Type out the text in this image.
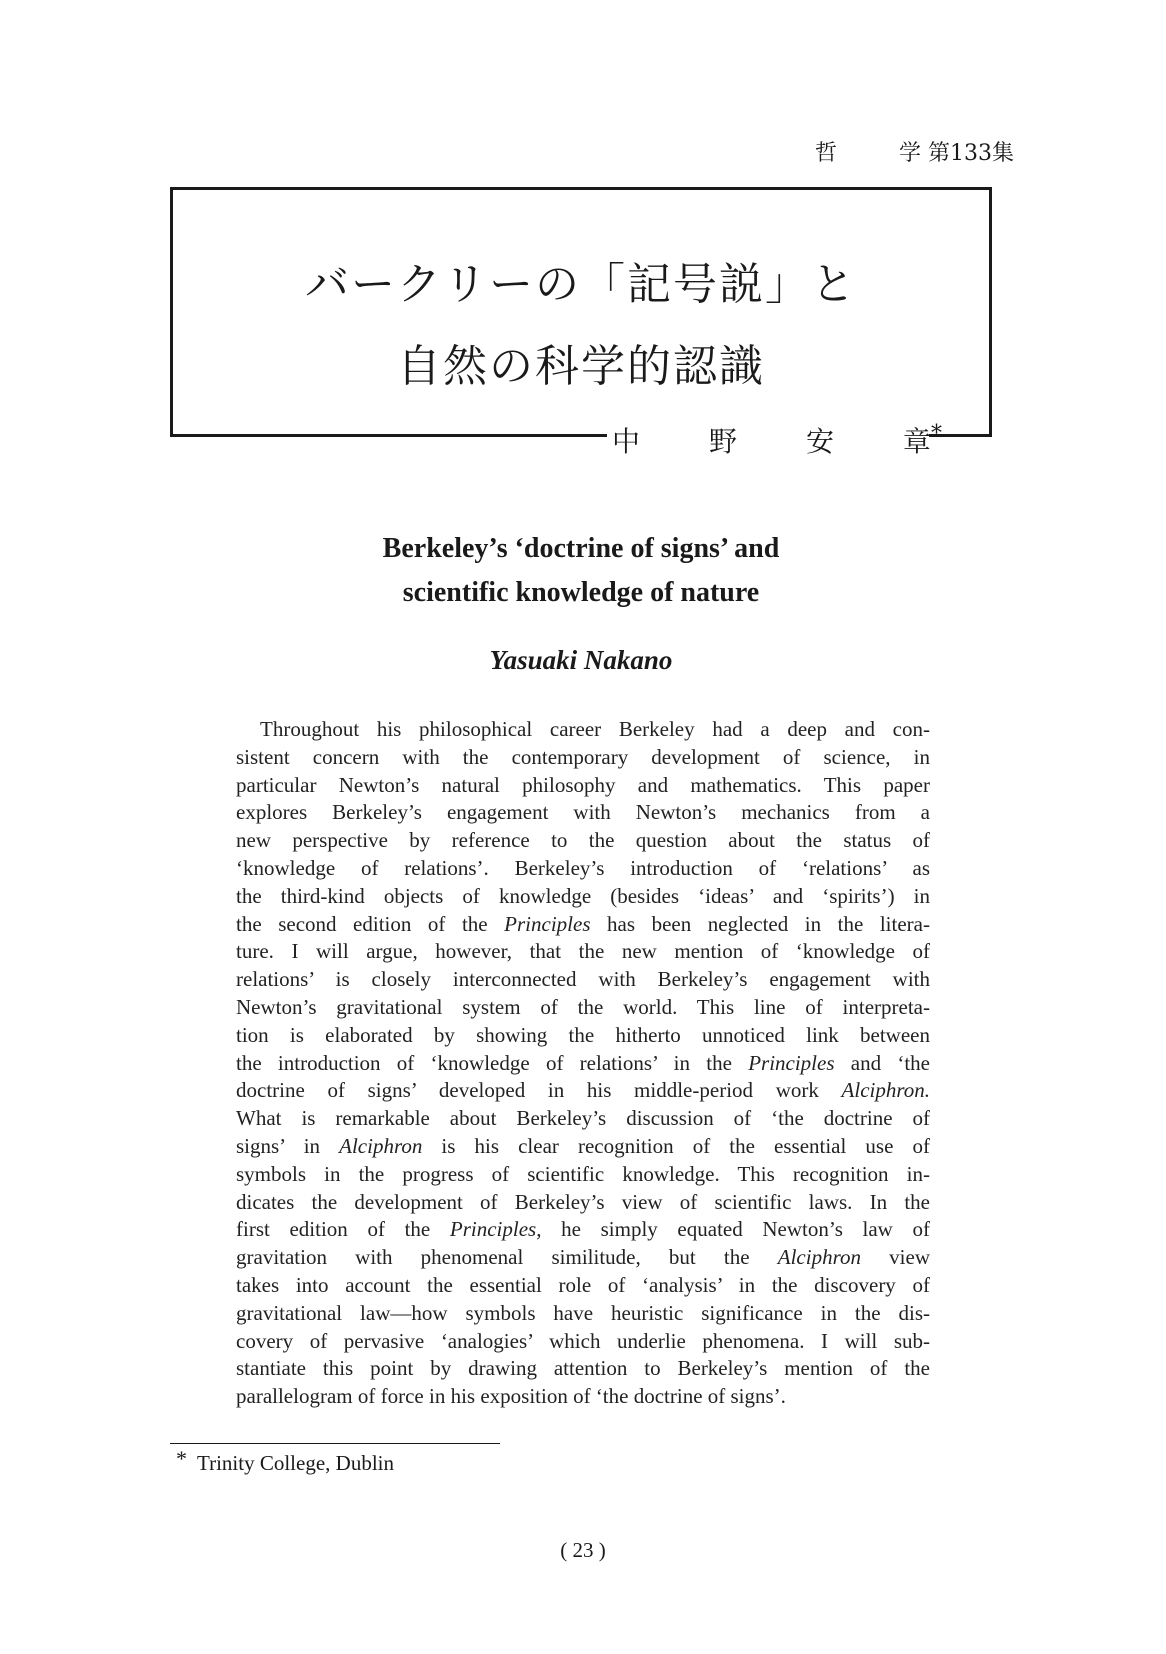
哲	学 第133集
バークリーの「記号説」と
自然の科学的認識
中 野 安 章*
Berkeley’s ‘doctrine of signs’ and
scientific knowledge of nature
Yasuaki Nakano
Throughout his philosophical career Berkeley had a deep and con-
sistent concern with the contemporary development of science, in
particular Newton’s natural philosophy and mathematics. This paper
explores Berkeley’s engagement with Newton’s mechanics from a
new perspective by reference to the question about the status of
‘knowledge of relations’. Berkeley’s introduction of ‘relations’ as
the third-kind objects of knowledge (besides ‘ideas’ and ‘spirits’) in
the second edition of the Principles has been neglected in the litera-
ture. I will argue, however, that the new mention of ‘knowledge of
relations’ is closely interconnected with Berkeley’s engagement with
Newton’s gravitational system of the world. This line of interpreta-
tion is elaborated by showing the hitherto unnoticed link between
the introduction of ‘knowledge of relations’ in the Principles and ‘the
doctrine of signs’ developed in his middle-period work Alciphron.
What is remarkable about Berkeley’s discussion of ‘the doctrine of
signs’ in Alciphron is his clear recognition of the essential use of
symbols in the progress of scientific knowledge. This recognition in-
dicates the development of Berkeley’s view of scientific laws. In the
first edition of the Principles, he simply equated Newton’s law of
gravitation with phenomenal similitude, but the Alciphron view
takes into account the essential role of ‘analysis’ in the discovery of
gravitational law—how symbols have heuristic significance in the dis-
covery of pervasive ‘analogies’ which underlie phenomena. I will sub-
stantiate this point by drawing attention to Berkeley’s mention of the
parallelogram of force in his exposition of ‘the doctrine of signs’.
* Trinity College, Dublin
( 23 )
